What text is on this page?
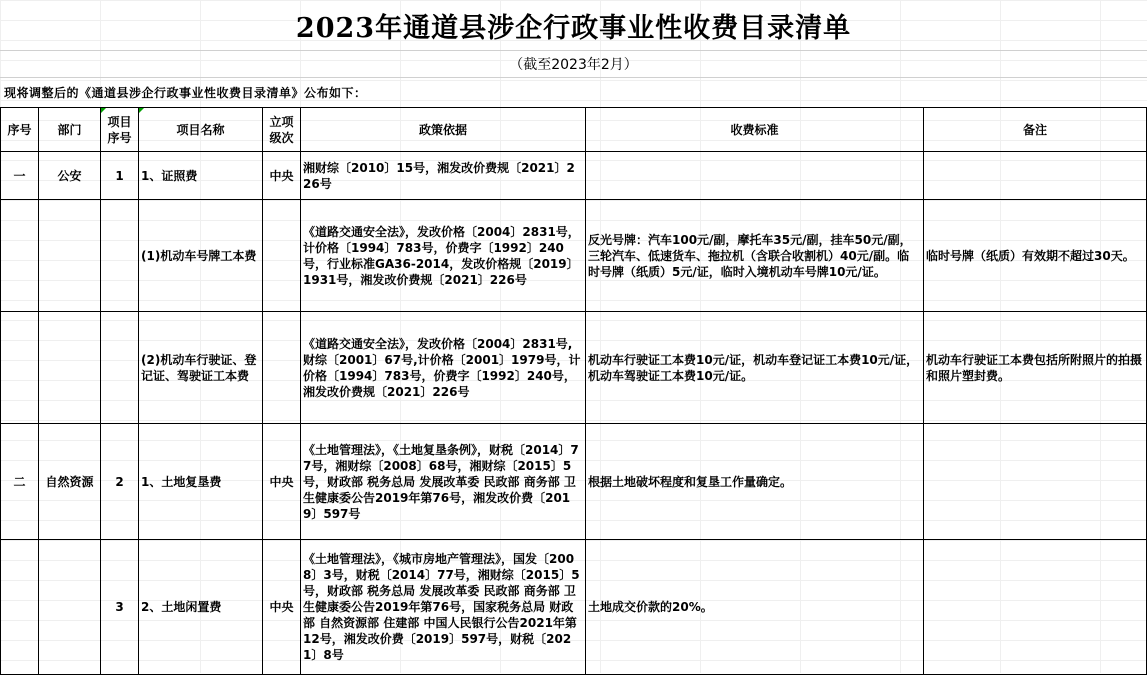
2023年通道县涉企行政事业性收费目录清单
（截至2023年2月）
现将调整后的《通道县涉企行政事业性收费目录清单》公布如下：
序号	部门	项目序号	项目名称	立项级次	政策依据	收费标准	备注
一	公安	1	1、证照费	中央	湘财综〔2010〕15号，湘发改价费规〔2021〕226号		
			(1)机动车号牌工本费		《道路交通安全法》，发改价格〔2004〕2831号，计价格〔1994〕783号，价费字〔1992〕240号，行业标准GA36-2014，发改价格规〔2019〕1931号，湘发改价费规〔2021〕226号	反光号牌：汽车100元/副，摩托车35元/副，挂车50元/副，三轮汽车、低速货车、拖拉机（含联合收割机）40元/副。临时号牌（纸质）5元/证，临时入境机动车号牌10元/证。	临时号牌（纸质）有效期不超过30天。
			(2)机动车行驶证、登记证、驾驶证工本费		《道路交通安全法》，发改价格〔2004〕2831号,财综〔2001〕67号,计价格〔2001〕1979号，计价格〔1994〕783号，价费字〔1992〕240号，湘发改价费规〔2021〕226号	机动车行驶证工本费10元/证，机动车登记证工本费10元/证，机动车驾驶证工本费10元/证。	机动车行驶证工本费包括所附照片的拍摄和照片塑封费。
二	自然资源	2	1、土地复垦费	中央	《土地管理法》，《土地复垦条例》，财税〔2014〕77号，湘财综〔2008〕68号，湘财综〔2015〕5号，财政部 税务总局 发展改革委 民政部 商务部 卫生健康委公告2019年第76号，湘发改价费〔2019〕597号	根据土地破坏程度和复垦工作量确定。	
		3	2、土地闲置费	中央	《土地管理法》，《城市房地产管理法》，国发〔2008〕3号，财税〔2014〕77号，湘财综〔2015〕5号，财政部 税务总局 发展改革委 民政部 商务部 卫生健康委公告2019年第76号，国家税务总局 财政部 自然资源部 住建部 中国人民银行公告2021年第12号，湘发改价费〔2019〕597号，财税〔2021〕8号	土地成交价款的20%。	
